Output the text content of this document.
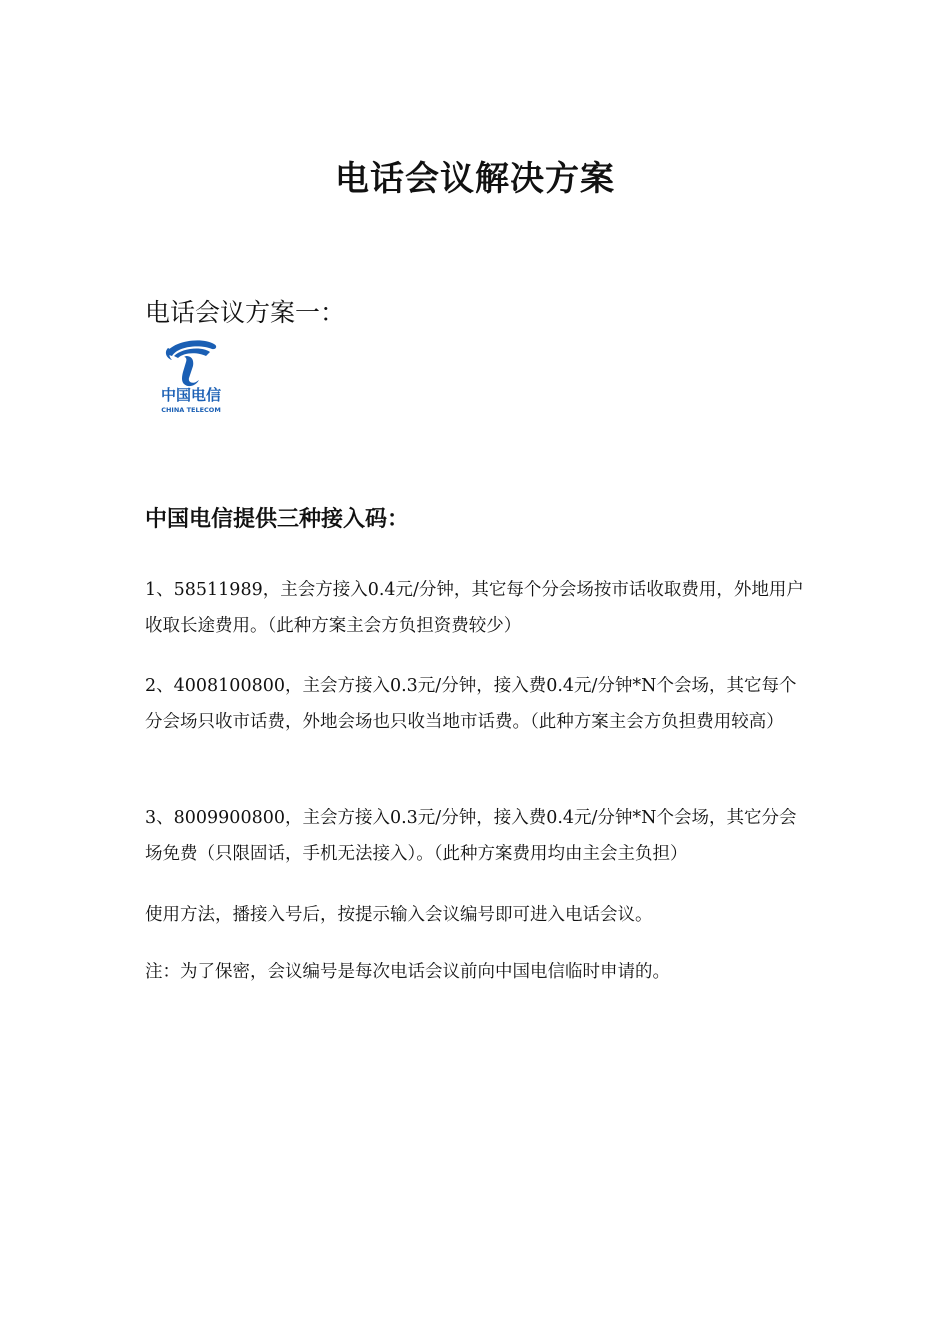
电话会议解决方案
电话会议方案一：
中国电信
CHINA TELECOM
中国电信提供三种接入码：

1、58511989，主会方接入0.4元/分钟，其它每个分会场按市话收取费用，外地用户收取长途费用。（此种方案主会方负担资费较少）

2、4008100800，主会方接入0.3元/分钟，接入费0.4元/分钟*N个会场，其它每个分会场只收市话费，外地会场也只收当地市话费。（此种方案主会方负担费用较高）

3、8009900800，主会方接入0.3元/分钟，接入费0.4元/分钟*N个会场，其它分会场免费（只限固话，手机无法接入）。（此种方案费用均由主会主负担）

使用方法，播接入号后，按提示输入会议编号即可进入电话会议。

注：为了保密，会议编号是每次电话会议前向中国电信临时申请的。
